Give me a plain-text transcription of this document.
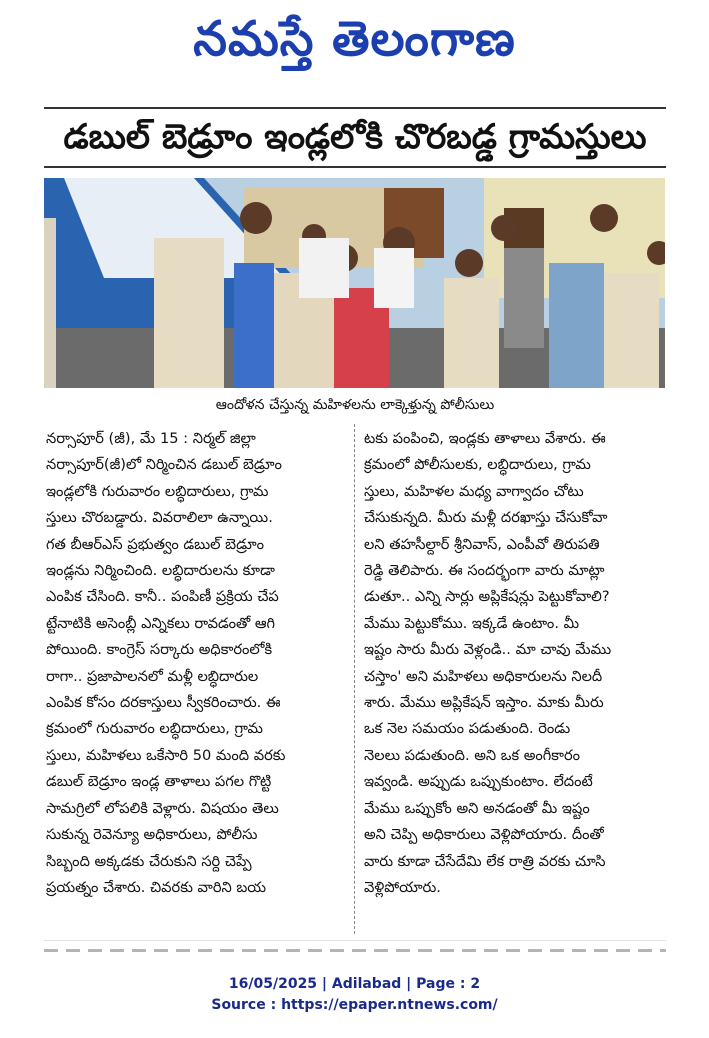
నమస్తే తెలంగాణ
డబుల్ బెడ్రూం ఇండ్లలోకి చొరబడ్డ గ్రామస్తులు
ఆందోళన చేస్తున్న మహిళలను లాక్కెళ్తున్న పోలీసులు

నర్సాపూర్ (జీ), మే 15 : నిర్మల్ జిల్లా

నర్సాపూర్(జీ)లో నిర్మించిన డబుల్ బెడ్రూం

ఇండ్లలోకి గురువారం లబ్ధిదారులు, గ్రామ

స్తులు చొరబడ్డారు. వివరాలిలా ఉన్నాయి.

గత బీఆర్ఎస్ ప్రభుత్వం డబుల్ బెడ్రూం

ఇండ్లను నిర్మించింది. లబ్ధిదారులను కూడా

ఎంపిక చేసింది. కానీ.. పంపిణీ ప్రక్రియ చేప

ట్టేనాటికి అసెంబ్లీ ఎన్నికలు రావడంతో ఆగి

పోయింది. కాంగ్రెస్ సర్కారు అధికారంలోకి

రాగా.. ప్రజాపాలనలో మళ్లీ లబ్ధిదారుల

ఎంపిక కోసం దరకాస్తులు స్వీకరించారు. ఈ

క్రమంలో గురువారం లబ్ధిదారులు, గ్రామ

స్తులు, మహిళలు ఒకేసారి 50 మంది వరకు

డబుల్ బెడ్రూం ఇండ్ల తాళాలు పగల గొట్టి

సామగ్రిలో లోపలికి వెళ్లారు. విషయం తెలు

సుకున్న రెవెన్యూ అధికారులు, పోలీసు

సిబ్బంది అక్కడకు చేరుకుని సర్ది చెప్పే

ప్రయత్నం చేశారు. చివరకు వారిని బయ

టకు పంపించి, ఇండ్లకు తాళాలు వేశారు. ఈ

క్రమంలో పోలీసులకు, లబ్ధిదారులు, గ్రామ

స్తులు, మహిళల మధ్య వాగ్వాదం చోటు

చేసుకున్నది. మీరు మళ్లీ దరఖాస్తు చేసుకోవా

లని తహసీల్దార్ శ్రీనివాస్, ఎంపీవో తిరుపతి

రెడ్డి తెలిపారు. ఈ సందర్భంగా వారు మాట్లా

డుతూ.. ఎన్ని సార్లు అప్లికేషన్లు పెట్టుకోవాలి?

మేము పెట్టుకోము. ఇక్కడే ఉంటాం. మీ

ఇష్టం సారు మీరు వెళ్లండి.. మా చావు మేము

చస్తాం' అని మహిళలు అధికారులను నిలదీ

శారు. మేము అప్లికేషన్ ఇస్తాం. మాకు మీరు

ఒక నెల సమయం పడుతుంది. రెండు

నెలలు పడుతుంది. అని ఒక అంగీకారం

ఇవ్వండి. అప్పుడు ఒప్పుకుంటాం. లేదంటే

మేము ఒప్పుకోం అని అనడంతో మీ ఇష్టం

అని చెప్పి అధికారులు వెళ్లిపోయారు. దీంతో

వారు కూడా చేసేదేమి లేక రాత్రి వరకు చూసి

వెళ్లిపోయారు.

16/05/2025 | Adilabad | Page : 2
Source : https://epaper.ntnews.com/
